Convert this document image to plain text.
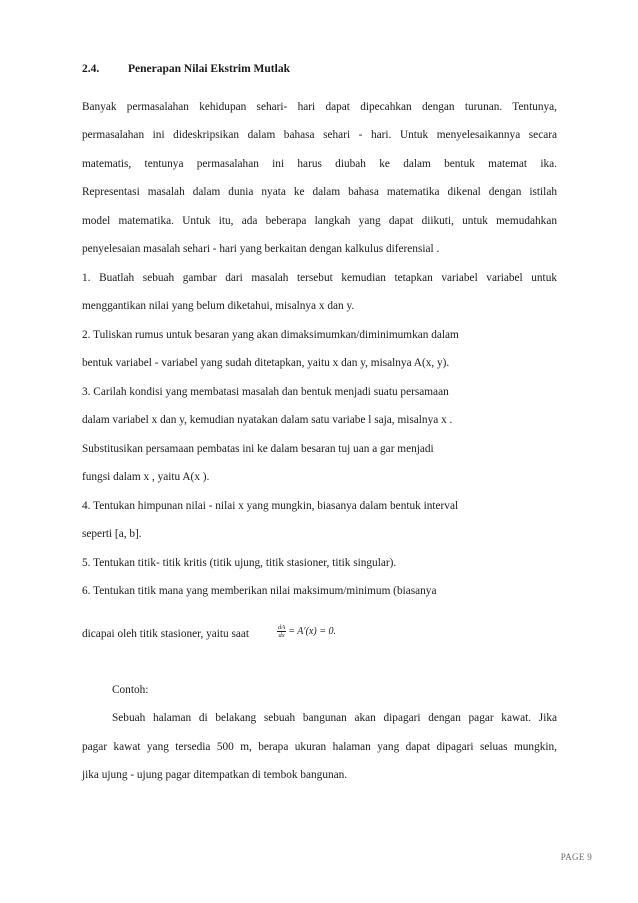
2.4.	Penerapan Nilai Ekstrim Mutlak
Banyak permasalahan kehidupan sehari- hari dapat dipecahkan dengan turunan. Tentunya,
permasalahan ini dideskripsikan dalam bahasa sehari - hari. Untuk menyelesaikannya secara
matematis, tentunya permasalahan ini harus diubah ke dalam bentuk matemat ika.
Representasi masalah dalam dunia nyata ke dalam bahasa matematika dikenal dengan istilah
model matematika. Untuk itu, ada beberapa langkah yang dapat diikuti, untuk memudahkan
penyelesaian masalah sehari - hari yang berkaitan dengan kalkulus diferensial .
1. Buatlah sebuah gambar dari masalah tersebut kemudian tetapkan variabel variabel untuk
menggantikan nilai yang belum diketahui, misalnya x dan y.
2. Tuliskan rumus untuk besaran yang akan dimaksimumkan/diminimumkan dalam
bentuk variabel - variabel yang sudah ditetapkan, yaitu x dan y, misalnya A(x, y).
3. Carilah kondisi yang membatasi masalah dan bentuk menjadi suatu persamaan
dalam variabel x dan y, kemudian nyatakan dalam satu variabe l saja, misalnya x .
Substitusikan persamaan pembatas ini ke dalam besaran tuj uan a gar menjadi
fungsi dalam x , yaitu A(x ).
4. Tentukan himpunan nilai - nilai x yang mungkin, biasanya dalam bentuk interval
seperti [a, b].
5. Tentukan titik- titik kritis (titik ujung, titik stasioner, titik singular).
6. Tentukan titik mana yang memberikan nilai maksimum/minimum (biasanya
dicapai oleh titik stasioner, yaitu saat	$\frac{dA}{dx} = A'(x) = 0$.
Contoh:
Sebuah halaman di belakang sebuah bangunan akan dipagari dengan pagar kawat. Jika
pagar kawat yang tersedia 500 m, berapa ukuran halaman yang dapat dipagari seluas mungkin,
jika ujung - ujung pagar ditempatkan di tembok bangunan.
PAGE 9
